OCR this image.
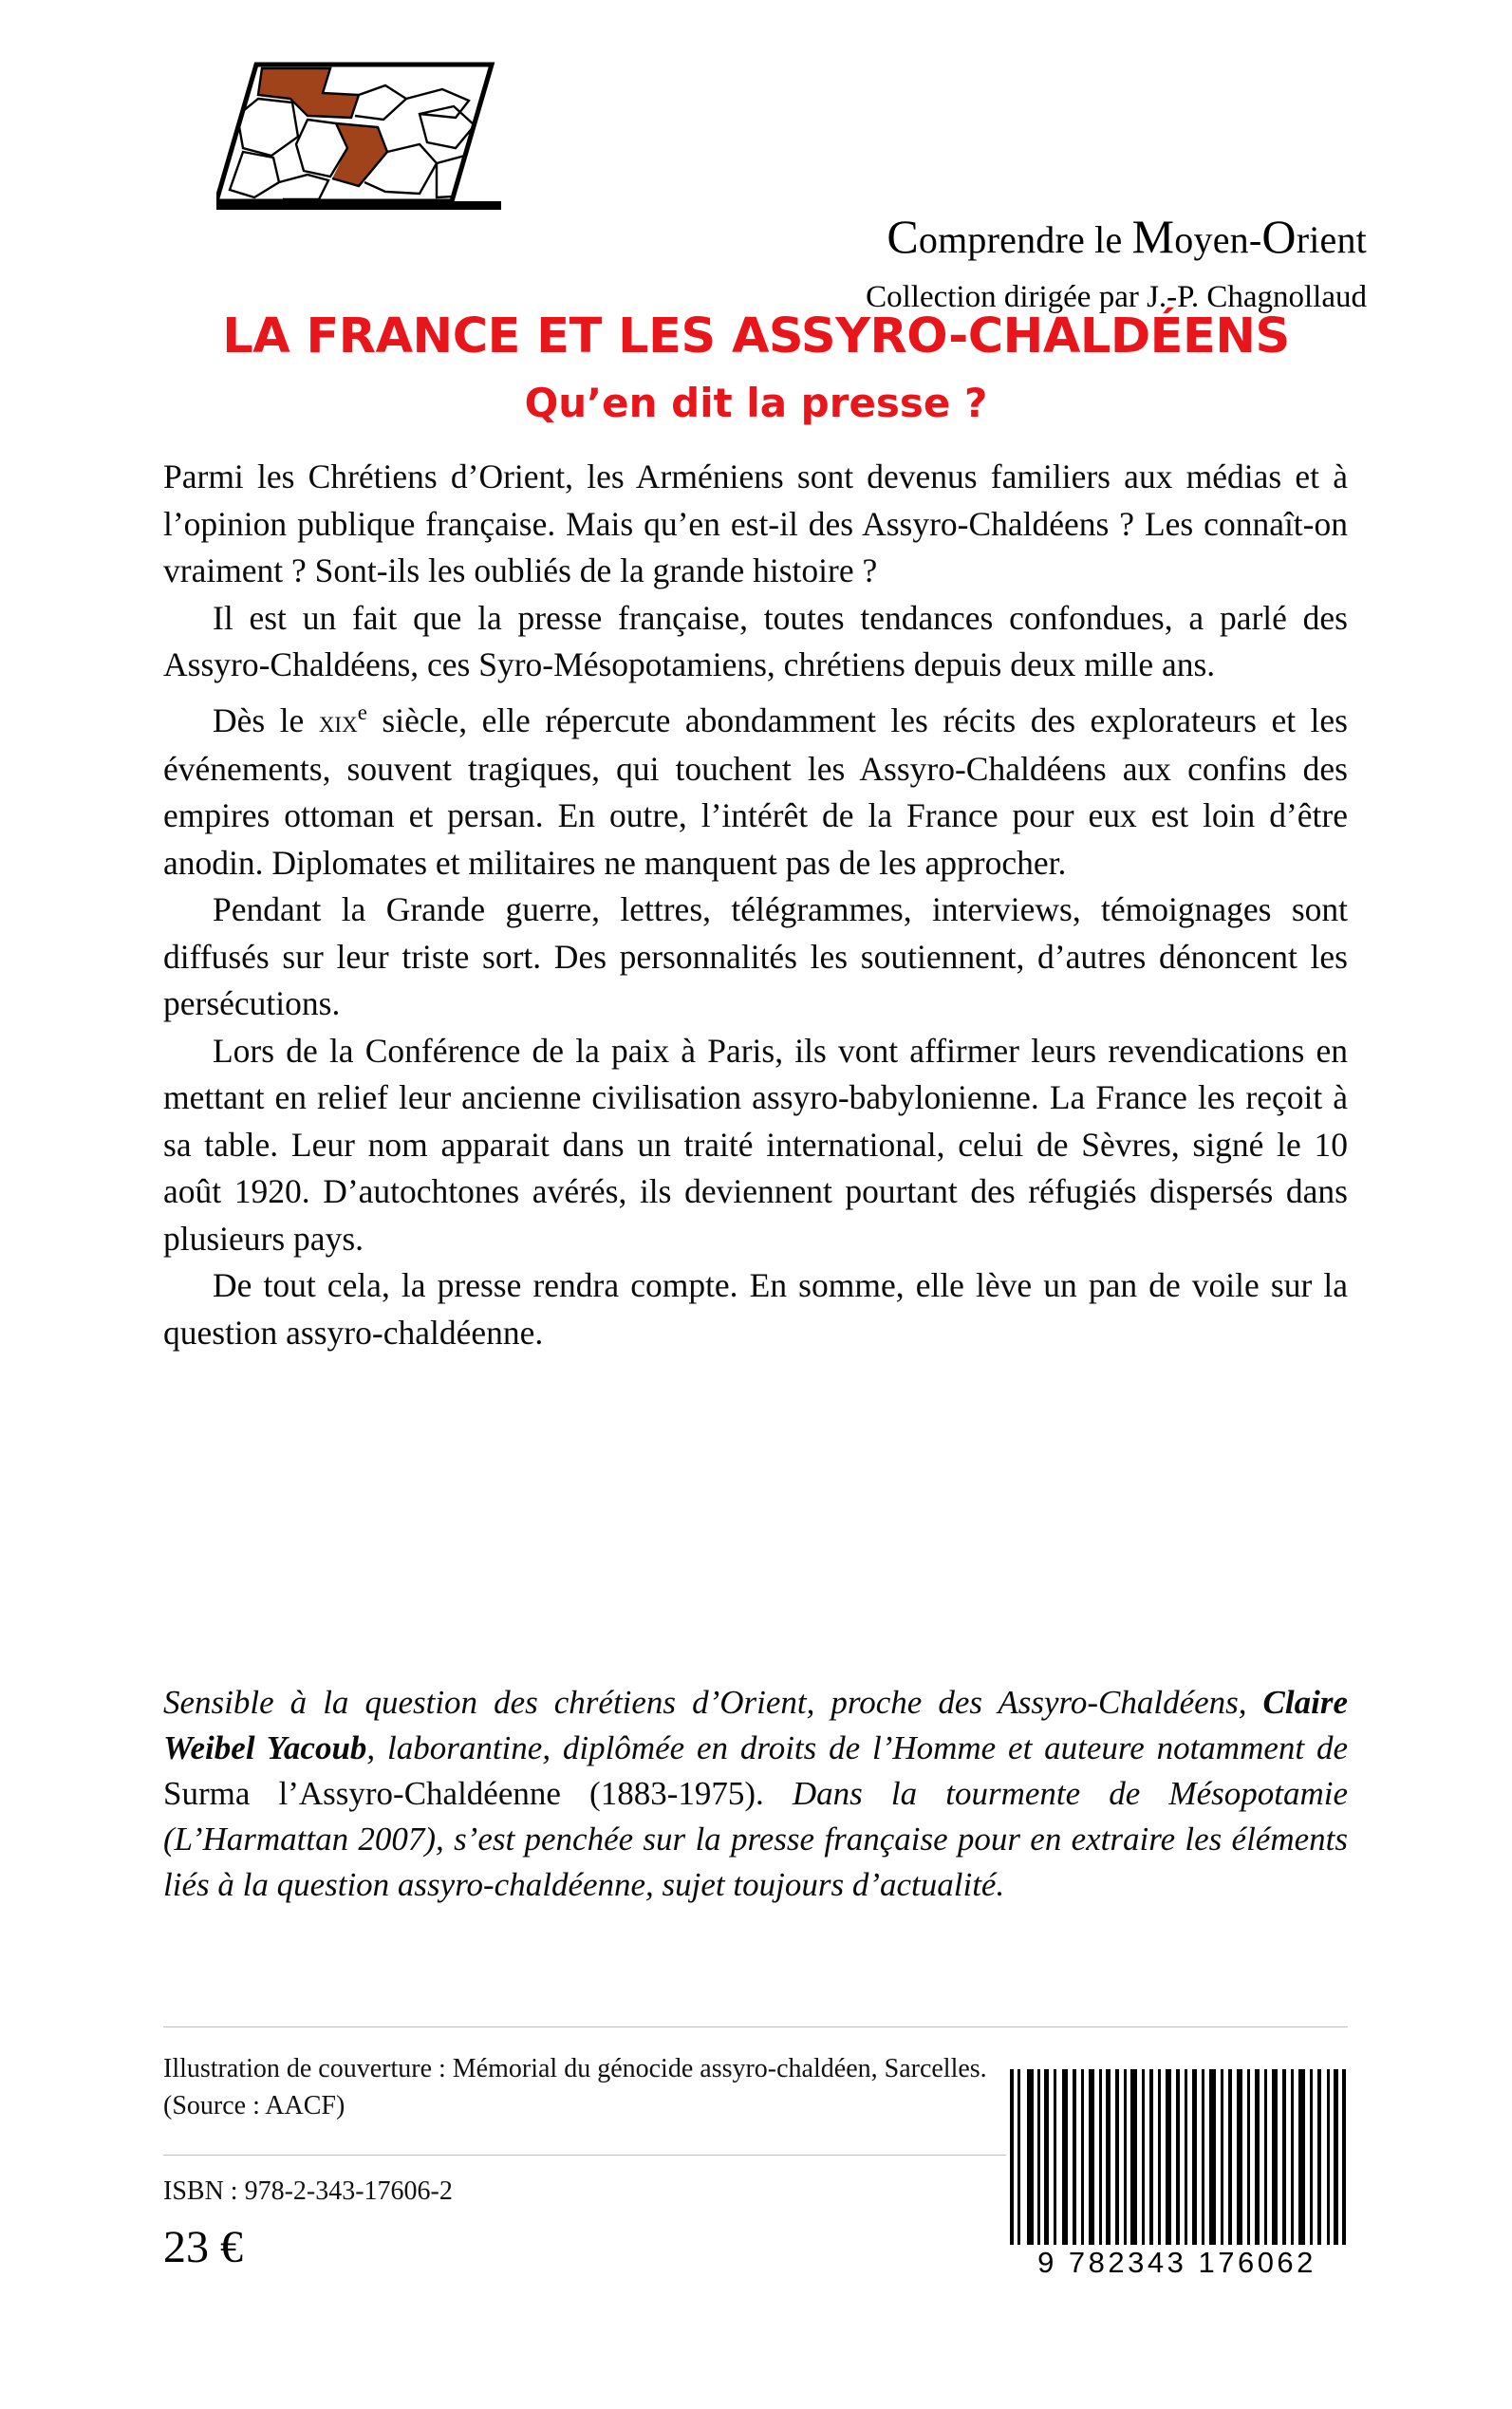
Comprendre le Moyen-Orient
Collection dirigée par J.-P. Chagnollaud
LA FRANCE ET LES ASSYRO-CHALDÉENS
Qu’en dit la presse ?

Parmi les Chrétiens d’Orient, les Arméniens sont devenus familiers aux médias et à l’opinion publique française. Mais qu’en est-il des Assyro-Chaldéens ? Les connaît-on vraiment ? Sont-ils les oubliés de la grande histoire ?

Il est un fait que la presse française, toutes tendances confondues, a parlé des Assyro-Chaldéens, ces Syro-Mésopotamiens, chrétiens depuis deux mille ans.

Dès le xix$^e$ siècle, elle répercute abondamment les récits des explorateurs et les événements, souvent tragiques, qui touchent les Assyro-Chaldéens aux confins des empires ottoman et persan. En outre, l’intérêt de la France pour eux est loin d’être anodin. Diplomates et militaires ne manquent pas de les approcher.

Pendant la Grande guerre, lettres, télégrammes, interviews, témoignages sont diffusés sur leur triste sort. Des personnalités les soutiennent, d’autres dénoncent les persécutions.

Lors de la Conférence de la paix à Paris, ils vont affirmer leurs revendications en mettant en relief leur ancienne civilisation assyro-babylonienne. La France les reçoit à sa table. Leur nom apparait dans un traité international, celui de Sèvres, signé le 10 août 1920. D’autochtones avérés, ils deviennent pourtant des réfugiés dispersés dans plusieurs pays.

De tout cela, la presse rendra compte. En somme, elle lève un pan de voile sur la question assyro-chaldéenne.

Sensible à la question des chrétiens d’Orient, proche des Assyro-Chaldéens, Claire Weibel Yacoub, laborantine, diplômée en droits de l’Homme et auteure notamment de Surma l’Assyro-Chaldéenne (1883-1975). Dans la tourmente de Mésopotamie (L’Harmattan 2007), s’est penchée sur la presse française pour en extraire les éléments liés à la question assyro-chaldéenne, sujet toujours d’actualité.
Illustration de couverture : Mémorial du génocide assyro-chaldéen, Sarcelles. (Source : AACF)
ISBN : 978-2-343-17606-2
23 €	9 782343 176062
